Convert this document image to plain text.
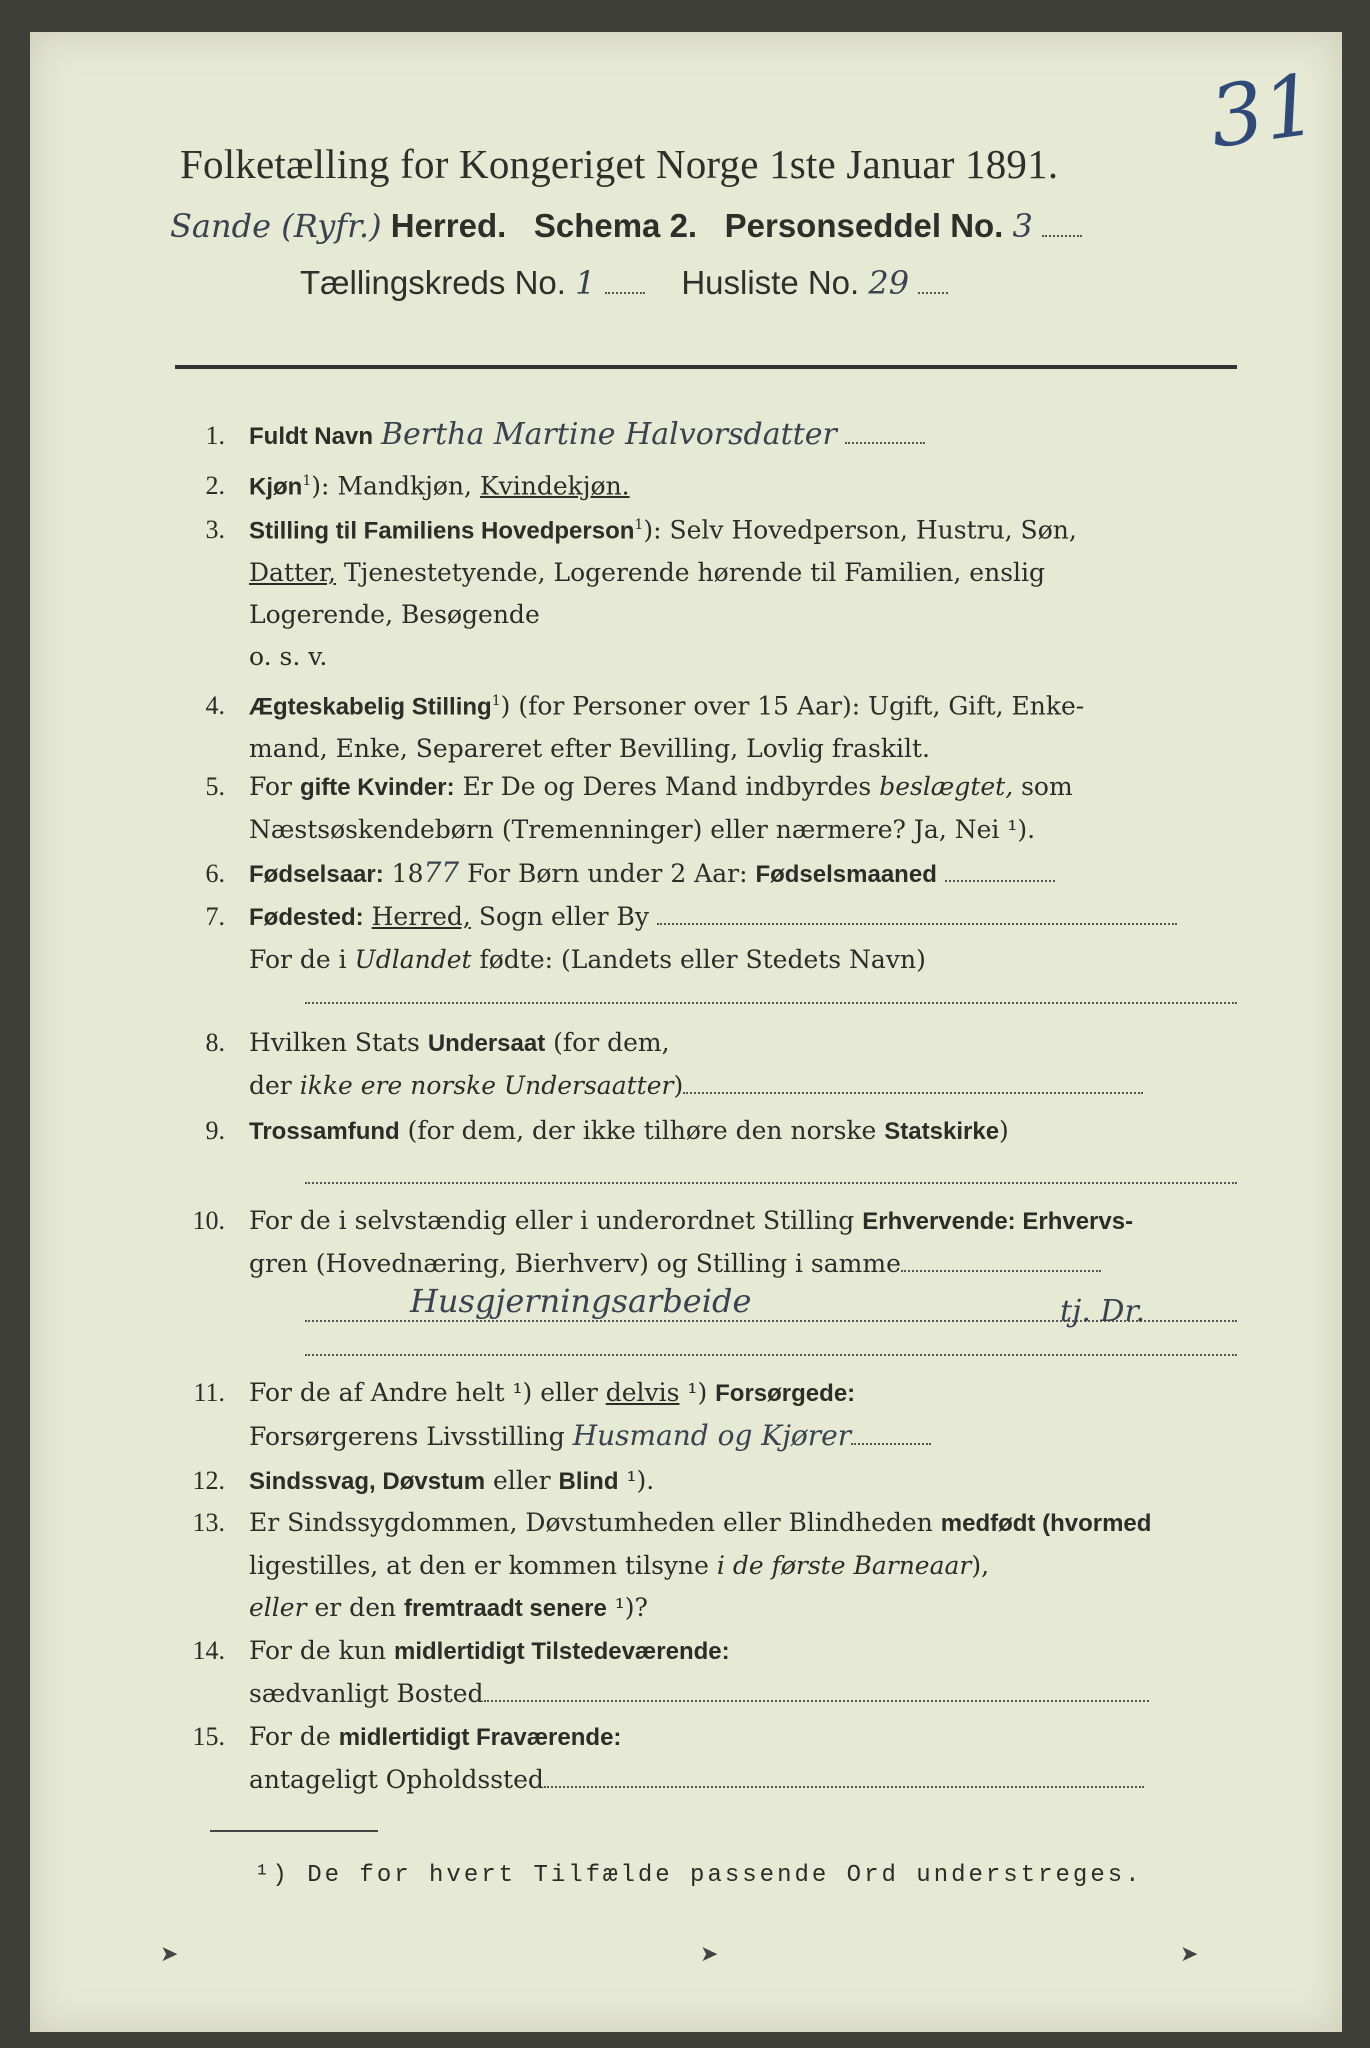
31
Folketælling for Kongeriget Norge 1ste Januar 1891.
Sande (Ryfr.) Herred. Schema 2. Personseddel No. 3
Tællingskreds No. 1	Husliste No. 29
1. Fuldt Navn Bertha Martine Halvorsdatter
2. Kjøn$^1$): Mandkjøn, Kvindekjøn.
3. Stilling til Familiens Hovedperson$^1$): Selv Hovedperson, Hustru, Søn,
Datter, Tjenestetyende, Logerende hørende til Familien, enslig
Logerende, Besøgende
o. s. v.
4. Ægteskabelig Stilling$^1$) (for Personer over 15 Aar): Ugift, Gift, Enke-
mand, Enke, Separeret efter Bevilling, Lovlig fraskilt.
5. For gifte Kvinder: Er De og Deres Mand indbyrdes beslægtet, som
Næstsøskendebørn (Tremenninger) eller nærmere? Ja, Nei ¹).
6. Fødselsaar: 1877 For Børn under 2 Aar: Fødselsmaaned
7. Fødested: Herred, Sogn eller By
For de i Udlandet fødte: (Landets eller Stedets Navn)
8. Hvilken Stats Undersaat (for dem,
der ikke ere norske Undersaatter)
9. Trossamfund (for dem, der ikke tilhøre den norske Statskirke)
10. For de i selvstændig eller i underordnet Stilling Erhvervende: Erhvervs-
gren (Hovednæring, Bierhverv) og Stilling i samme
Husgjerningsarbeide	tj. Dr.
11. For de af Andre helt ¹) eller delvis ¹) Forsørgede:
Forsørgerens Livsstilling Husmand og Kjører
12. Sindssvag, Døvstum eller Blind ¹).
13. Er Sindssygdommen, Døvstumheden eller Blindheden medfødt (hvormed
ligestilles, at den er kommen tilsyne i de første Barneaar),
eller er den fremtraadt senere ¹)?
14. For de kun midlertidigt Tilstedeværende:
sædvanligt Bosted
15. For de midlertidigt Fraværende:
antageligt Opholdssted
¹) De for hvert Tilfælde passende Ord understreges.
➤	➤	➤
